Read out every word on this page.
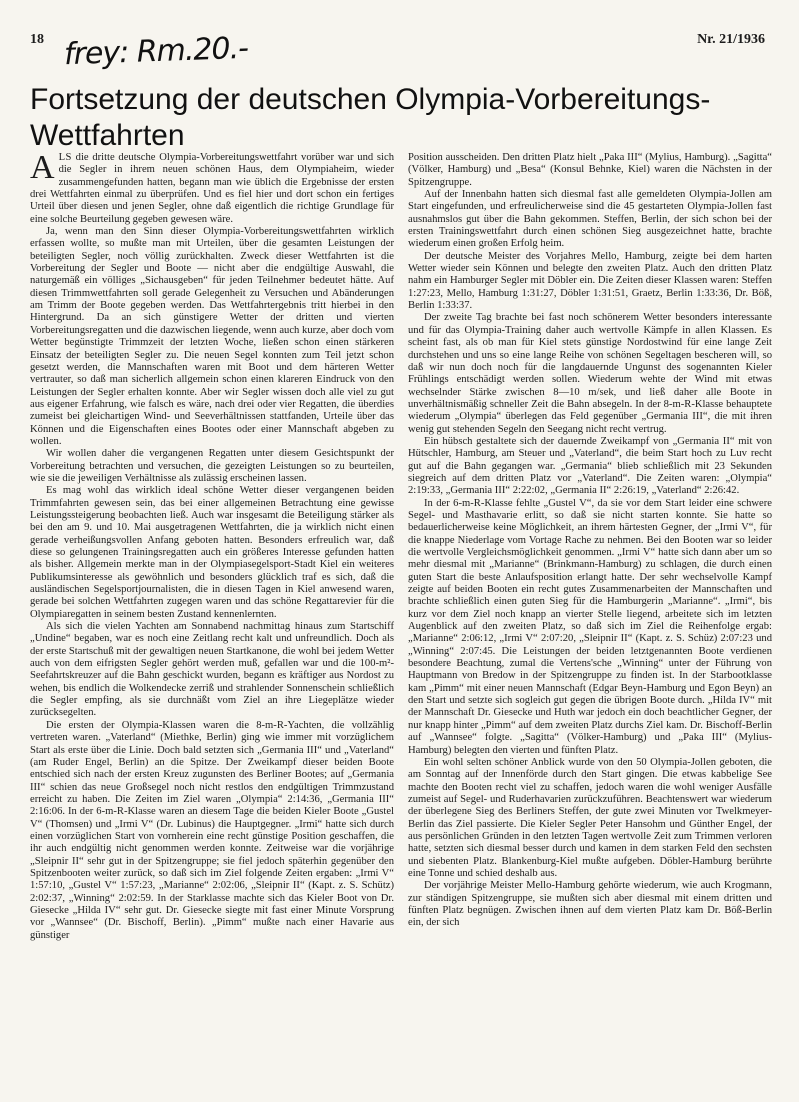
18 frey: Rm.20.-	Nr. 21/1936
Fortsetzung der deutschen Olympia-Vorbereitungs-
Wettfahrten

ALS die dritte deutsche Olympia-Vorbereitungswettfahrt vorüber war und sich die Segler in ihrem neuen schönen Haus, dem Olympiaheim, wieder zusammengefunden hatten, begann man wie üblich die Ergebnisse der ersten drei Wettfahrten einmal zu überprüfen. Und es fiel hier und dort schon ein fertiges Urteil über diesen und jenen Segler, ohne daß eigentlich die richtige Grundlage für eine solche Beurteilung gegeben gewesen wäre.

Ja, wenn man den Sinn dieser Olympia-Vorbereitungswettfahrten wirklich erfassen wollte, so mußte man mit Urteilen, über die gesamten Leistungen der beteiligten Segler, noch völlig zurückhalten. Zweck dieser Wettfahrten ist die Vorbereitung der Segler und Boote — nicht aber die endgültige Auswahl, die naturgemäß ein völliges „Sichausgeben“ für jeden Teilnehmer bedeutet hätte. Auf diesen Trimmwettfahrten soll gerade Gelegenheit zu Versuchen und Abänderungen am Trimm der Boote gegeben werden. Das Wettfahrtergebnis tritt hierbei in den Hintergrund. Da an sich günstigere Wetter der dritten und vierten Vorbereitungsregatten und die dazwischen liegende, wenn auch kurze, aber doch vom Wetter begünstigte Trimmzeit der letzten Woche, ließen schon einen stärkeren Einsatz der beteiligten Segler zu. Die neuen Segel konnten zum Teil jetzt schon gesetzt werden, die Mannschaften waren mit Boot und dem härteren Wetter vertrauter, so daß man sicherlich allgemein schon einen klareren Eindruck von den Leistungen der Segler erhalten konnte. Aber wir Segler wissen doch alle viel zu gut aus eigener Erfahrung, wie falsch es wäre, nach drei oder vier Regatten, die überdies zumeist bei gleichartigen Wind- und Seeverhältnissen stattfanden, Urteile über das Können und die Eigenschaften eines Bootes oder einer Mannschaft abgeben zu wollen.

Wir wollen daher die vergangenen Regatten unter diesem Gesichtspunkt der Vorbereitung betrachten und versuchen, die gezeigten Leistungen so zu beurteilen, wie sie die jeweiligen Verhältnisse als zulässig erscheinen lassen.

Es mag wohl das wirklich ideal schöne Wetter dieser vergangenen beiden Trimmfahrten gewesen sein, das bei einer allgemeinen Betrachtung eine gewisse Leistungssteigerung beobachten ließ. Auch war insgesamt die Beteiligung stärker als bei den am 9. und 10. Mai ausgetragenen Wettfahrten, die ja wirklich nicht einen gerade verheißungsvollen Anfang geboten hatten. Besonders erfreulich war, daß diese so gelungenen Trainingsregatten auch ein größeres Interesse gefunden hatten als bisher. Allgemein merkte man in der Olympiasegelsport-Stadt Kiel ein weiteres Publikumsinteresse als gewöhnlich und besonders glücklich traf es sich, daß die ausländischen Segelsportjournalisten, die in diesen Tagen in Kiel anwesend waren, gerade bei solchen Wettfahrten zugegen waren und das schöne Regattarevier für die Olympiaregatten in seinem besten Zustand kennenlernten.

Als sich die vielen Yachten am Sonnabend nachmittag hinaus zum Startschiff „Undine“ begaben, war es noch eine Zeitlang recht kalt und unfreundlich. Doch als der erste Startschuß mit der gewaltigen neuen Startkanone, die wohl bei jedem Wetter auch von dem eifrigsten Segler gehört werden muß, gefallen war und die 100-m²-Seefahrtskreuzer auf die Bahn geschickt wurden, begann es kräftiger aus Nordost zu wehen, bis endlich die Wolkendecke zerriß und strahlender Sonnenschein schließlich die Segler empfing, als sie durchnäßt vom Ziel an ihre Liegeplätze wieder zurücksegelten.

Die ersten der Olympia-Klassen waren die 8-m-R-Yachten, die vollzählig vertreten waren. „Vaterland“ (Miethke, Berlin) ging wie immer mit vorzüglichem Start als erste über die Linie. Doch bald setzten sich „Germania III“ und „Vaterland“ (am Ruder Engel, Berlin) an die Spitze. Der Zweikampf dieser beiden Boote entschied sich nach der ersten Kreuz zugunsten des Berliner Bootes; auf „Germania III“ schien das neue Großsegel noch nicht restlos den endgültigen Trimmzustand erreicht zu haben. Die Zeiten im Ziel waren „Olympia“ 2:14:36, „Germania III“ 2:16:06. In der 6-m-R-Klasse waren an diesem Tage die beiden Kieler Boote „Gustel V“ (Thomsen) und „Irmi V“ (Dr. Lubinus) die Hauptgegner. „Irmi“ hatte sich durch einen vorzüglichen Start von vornherein eine recht günstige Position geschaffen, die ihr auch endgültig nicht genommen werden konnte. Zeitweise war die vorjährige „Sleipnir II“ sehr gut in der Spitzengruppe; sie fiel jedoch späterhin gegenüber den Spitzenbooten weiter zurück, so daß sich im Ziel folgende Zeiten ergaben: „Irmi V“ 1:57:10, „Gustel V“ 1:57:23, „Marianne“ 2:02:06, „Sleipnir II“ (Kapt. z. S. Schütz) 2:02:37, „Winning“ 2:02:59. In der Starklasse machte sich das Kieler Boot von Dr. Giesecke „Hilda IV“ sehr gut. Dr. Giesecke siegte mit fast einer Minute Vorsprung vor „Wannsee“ (Dr. Bischoff, Berlin). „Pimm“ mußte nach einer Havarie aus günstiger

Position ausscheiden. Den dritten Platz hielt „Paka III“ (Mylius, Hamburg). „Sagitta“ (Völker, Hamburg) und „Besa“ (Konsul Behnke, Kiel) waren die Nächsten in der Spitzengruppe.

Auf der Innenbahn hatten sich diesmal fast alle gemeldeten Olympia-Jollen am Start eingefunden, und erfreulicherweise sind die 45 gestarteten Olympia-Jollen fast ausnahmslos gut über die Bahn gekommen. Steffen, Berlin, der sich schon bei der ersten Trainingswettfahrt durch einen schönen Sieg ausgezeichnet hatte, brachte wiederum einen großen Erfolg heim.

Der deutsche Meister des Vorjahres Mello, Hamburg, zeigte bei dem harten Wetter wieder sein Können und belegte den zweiten Platz. Auch den dritten Platz nahm ein Hamburger Segler mit Döbler ein. Die Zeiten dieser Klassen waren: Steffen 1:27:23, Mello, Hamburg 1:31:27, Döbler 1:31:51, Graetz, Berlin 1:33:36, Dr. Böß, Berlin 1:33:37.

Der zweite Tag brachte bei fast noch schönerem Wetter besonders interessante und für das Olympia-Training daher auch wertvolle Kämpfe in allen Klassen. Es scheint fast, als ob man für Kiel stets günstige Nordostwind für eine lange Zeit durchstehen und uns so eine lange Reihe von schönen Segeltagen bescheren will, so daß wir nun doch noch für die langdauernde Ungunst des sogenannten Kieler Frühlings entschädigt werden sollen. Wiederum wehte der Wind mit etwas wechselnder Stärke zwischen 8—10 m/sek, und ließ daher alle Boote in unverhältnismäßig schneller Zeit die Bahn absegeln. In der 8-m-R-Klasse behauptete wiederum „Olympia“ überlegen das Feld gegenüber „Germania III“, die mit ihren wenig gut stehenden Segeln den Seegang nicht recht vertrug.

Ein hübsch gestaltete sich der dauernde Zweikampf von „Germania II“ mit von Hütschler, Hamburg, am Steuer und „Vaterland“, die beim Start hoch zu Luv recht gut auf die Bahn gegangen war. „Germania“ blieb schließlich mit 23 Sekunden siegreich auf dem dritten Platz vor „Vaterland“. Die Zeiten waren: „Olympia“ 2:19:33, „Germania III“ 2:22:02, „Germania II“ 2:26:19, „Vaterland“ 2:26:42.

In der 6-m-R-Klasse fehlte „Gustel V“, da sie vor dem Start leider eine schwere Segel- und Masthavarie erlitt, so daß sie nicht starten konnte. Sie hatte so bedauerlicherweise keine Möglichkeit, an ihrem härtesten Gegner, der „Irmi V“, für die knappe Niederlage vom Vortage Rache zu nehmen. Bei den Booten war so leider die wertvolle Vergleichsmöglichkeit genommen. „Irmi V“ hatte sich dann aber um so mehr diesmal mit „Marianne“ (Brinkmann-Hamburg) zu schlagen, die durch einen guten Start die beste Anlaufsposition erlangt hatte. Der sehr wechselvolle Kampf zeigte auf beiden Booten ein recht gutes Zusammenarbeiten der Mannschaften und brachte schließlich einen guten Sieg für die Hamburgerin „Marianne“. „Irmi“, bis kurz vor dem Ziel noch knapp an vierter Stelle liegend, arbeitete sich im letzten Augenblick auf den zweiten Platz, so daß sich im Ziel die Reihenfolge ergab: „Marianne“ 2:06:12, „Irmi V“ 2:07:20, „Sleipnir II“ (Kapt. z. S. Schüz) 2:07:23 und „Winning“ 2:07:45. Die Leistungen der beiden letztgenannten Boote verdienen besondere Beachtung, zumal die Vertens'sche „Winning“ unter der Führung von Hauptmann von Bredow in der Spitzengruppe zu finden ist. In der Starbootklasse kam „Pimm“ mit einer neuen Mannschaft (Edgar Beyn-Hamburg und Egon Beyn) an den Start und setzte sich sogleich gut gegen die übrigen Boote durch. „Hilda IV“ mit der Mannschaft Dr. Giesecke und Huth war jedoch ein doch beachtlicher Gegner, der nur knapp hinter „Pimm“ auf dem zweiten Platz durchs Ziel kam. Dr. Bischoff-Berlin auf „Wannsee“ folgte. „Sagitta“ (Völker-Hamburg) und „Paka III“ (Mylius-Hamburg) belegten den vierten und fünften Platz.

Ein wohl selten schöner Anblick wurde von den 50 Olympia-Jollen geboten, die am Sonntag auf der Innenförde durch den Start gingen. Die etwas kabbelige See machte den Booten recht viel zu schaffen, jedoch waren die wohl weniger Ausfälle zumeist auf Segel- und Ruderhavarien zurückzuführen. Beachtenswert war wiederum der überlegene Sieg des Berliners Steffen, der gute zwei Minuten vor Twelkmeyer-Berlin das Ziel passierte. Die Kieler Segler Peter Hansohm und Günther Engel, der aus persönlichen Gründen in den letzten Tagen wertvolle Zeit zum Trimmen verloren hatte, setzten sich diesmal besser durch und kamen in dem starken Feld den sechsten und siebenten Platz. Blankenburg-Kiel mußte aufgeben. Döbler-Hamburg berührte eine Tonne und schied deshalb aus.

Der vorjährige Meister Mello-Hamburg gehörte wiederum, wie auch Krogmann, zur ständigen Spitzengruppe, sie mußten sich aber diesmal mit einem dritten und fünften Platz begnügen. Zwischen ihnen auf dem vierten Platz kam Dr. Böß-Berlin ein, der sich
